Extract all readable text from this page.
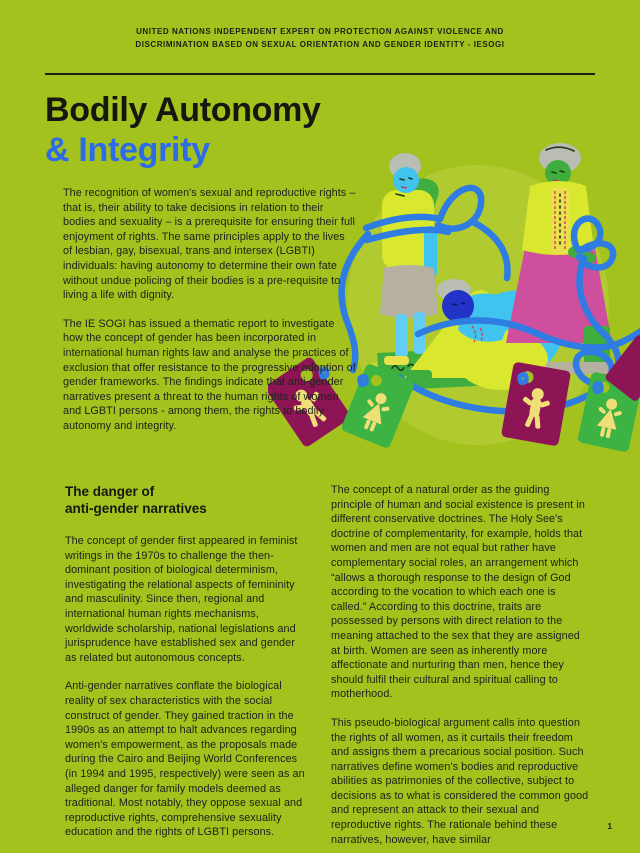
UNITED NATIONS INDEPENDENT EXPERT ON PROTECTION AGAINST VIOLENCE AND
DISCRIMINATION BASED ON SEXUAL ORIENTATION AND GENDER IDENTITY - IESOGI
Bodily Autonomy
& Integrity

The recognition of women's sexual and reproductive rights – that is, their ability to take decisions in relation to their bodies and sexuality – is a prerequisite for ensuring their full enjoyment of rights. The same principles apply to the lives of lesbian, gay, bisexual, trans and intersex (LGBTI) individuals: having autonomy to determine their own fate without undue policing of their bodies is a pre-requisite to living a life with dignity.

The IE SOGI has issued a thematic report to investigate how the concept of gender has been incorporated in international human rights law and analyse the practices of exclusion that offer resistance to the progressive adoption of gender frameworks. The findings indicate that anti-gender narratives present a threat to the human rights of women and LGBTI persons - among them, the rights to bodily autonomy and integrity.

The danger of
anti-gender narratives

The concept of gender first appeared in feminist writings in the 1970s to challenge the then-dominant position of biological determinism, investigating the relational aspects of femininity and masculinity. Since then, regional and international human rights mechanisms, worldwide scholarship, national legislations and jurisprudence have established sex and gender as related but autonomous concepts.

Anti-gender narratives conflate the biological reality of sex characteristics with the social construct of gender. They gained traction in the 1990s as an attempt to halt advances regarding women's empowerment, as the proposals made during the Cairo and Beijing World Conferences (in 1994 and 1995, respectively) were seen as an alleged danger for family models deemed as traditional. Most notably, they oppose sexual and reproductive rights, comprehensive sexuality education and the rights of LGBTI persons.

The concept of a natural order as the guiding principle of human and social existence is present in different conservative doctrines. The Holy See's doctrine of complementarity, for example, holds that women and men are not equal but rather have complementary social roles, an arrangement which “allows a thorough response to the design of God according to the vocation to which each one is called.” According to this doctrine, traits are possessed by persons with direct relation to the meaning attached to the sex that they are assigned at birth. Women are seen as inherently more affectionate and nurturing than men, hence they should fulfil their cultural and spiritual calling to motherhood.

This pseudo-biological argument calls into question the rights of all women, as it curtails their freedom and assigns them a precarious social position. Such narratives define women's bodies and reproductive abilities as patrimonies of the collective, subject to decisions as to what is considered the common good and represent an attack to their sexual and reproductive rights. The rationale behind these narratives, however, have similar

1
